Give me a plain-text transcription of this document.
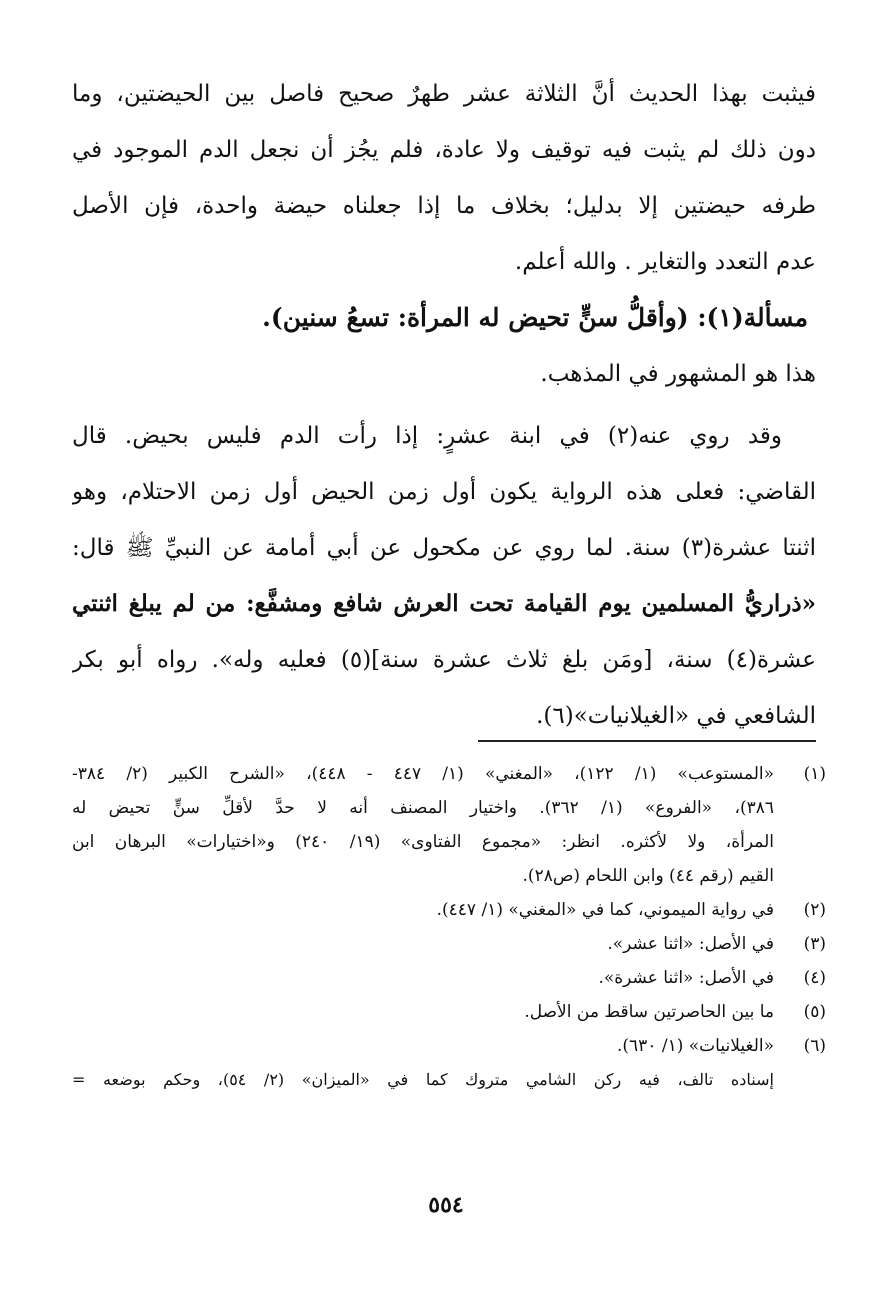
فيثبت بهذا الحديث أنَّ الثلاثة عشر طهرٌ صحيح فاصل بين الحيضتين، وما
دون ذلك لم يثبت فيه توقيف ولا عادة، فلم يجُز أن نجعل الدم الموجود في
طرفه حيضتين إلا بدليل؛ بخلاف ما إذا جعلناه حيضة واحدة، فإن الأصل
عدم التعدد والتغاير . والله أعلم.
مسألة(١): (وأقلُّ سنٍّ تحيض له المرأة: تسعُ سنين).
هذا هو المشهور في المذهب.
وقد روي عنه(٢) في ابنة عشرٍ: إذا رأت الدم فليس بحيض. قال
القاضي: فعلى هذه الرواية يكون أول زمن الحيض أول زمن الاحتلام، وهو
اثنتا عشرة(٣) سنة. لما روي عن مكحول عن أبي أمامة عن النبيِّ ﷺ قال:
«ذراريُّ المسلمين يوم القيامة تحت العرش شافع ومشفَّع: من لم يبلغ اثنتي
عشرة(٤) سنة، [ومَن بلغ ثلاث عشرة سنة](٥) فعليه وله». رواه أبو بكر
الشافعي في «الغيلانيات»(٦).
(١)
«المستوعب» (١/ ١٢٢)، «المغني» (١/ ٤٤٧ - ٤٤٨)، «الشرح الكبير (٢/ ٣٨٤-
٣٨٦)، «الفروع» (١/ ٣٦٢). واختيار المصنف أنه لا حدَّ لأقلِّ سنٍّ تحيض له
المرأة، ولا لأكثره. انظر: «مجموع الفتاوى» (١٩/ ٢٤٠) و«اختيارات» البرهان ابن
القيم (رقم ٤٤) وابن اللحام (ص٢٨).
(٢)
في رواية الميموني، كما في «المغني» (١/ ٤٤٧).
(٣)
في الأصل: «اثنا عشر».
(٤)
في الأصل: «اثنا عشرة».
(٥)
ما بين الحاصرتين ساقط من الأصل.
(٦)
«الغيلانيات» (١/ ٦٣٠).
إسناده تالف، فيه ركن الشامي متروك كما في «الميزان» (٢/ ٥٤)، وحكم بوضعه =
٥٥٤
